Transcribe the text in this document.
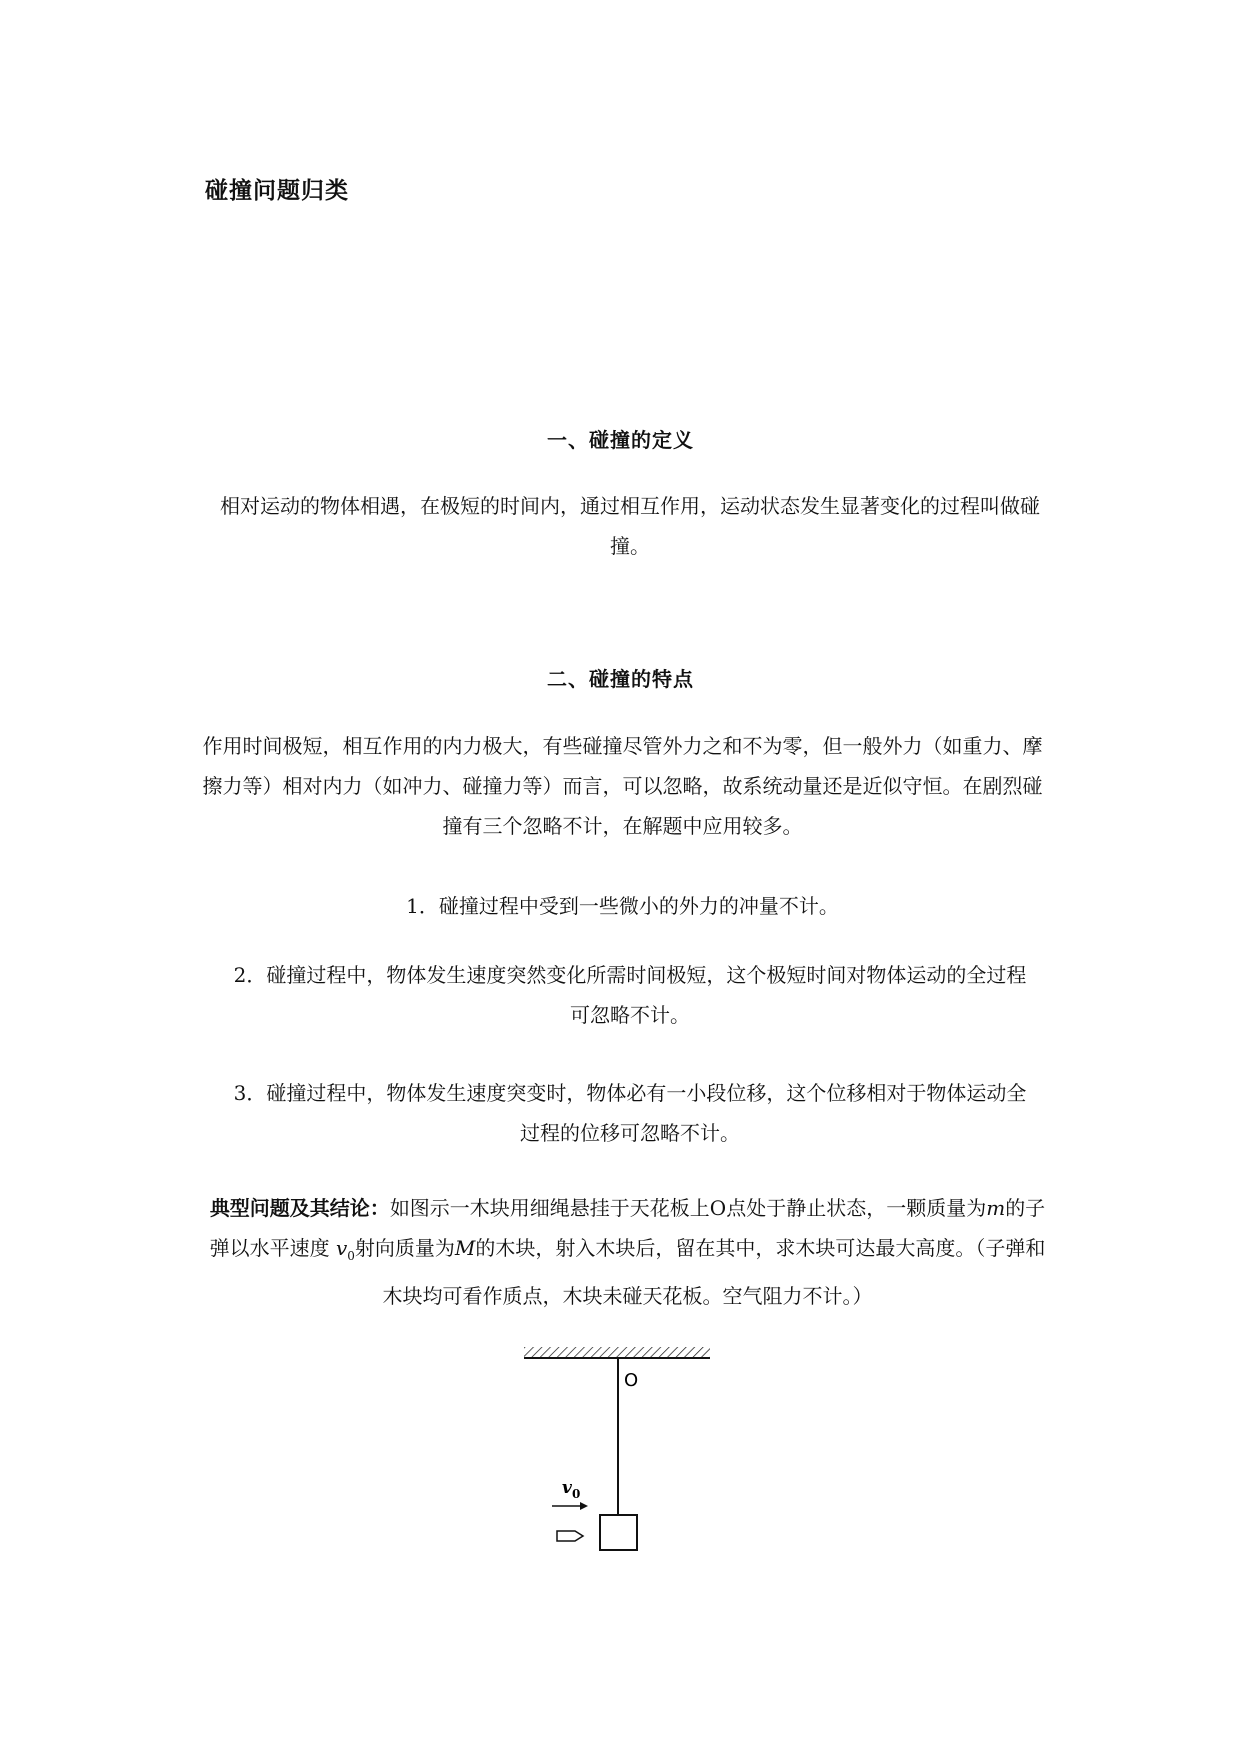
碰撞问题归类
一、碰撞的定义
相对运动的物体相遇，在极短的时间内，通过相互作用，运动状态发生显著变化的过程叫做碰撞。
二、碰撞的特点
作用时间极短，相互作用的内力极大，有些碰撞尽管外力之和不为零，但一般外力（如重力、摩擦力等）相对内力（如冲力、碰撞力等）而言，可以忽略，故系统动量还是近似守恒。在剧烈碰撞有三个忽略不计，在解题中应用较多。
1．碰撞过程中受到一些微小的外力的冲量不计。
2．碰撞过程中，物体发生速度突然变化所需时间极短，这个极短时间对物体运动的全过程可忽略不计。
3．碰撞过程中，物体发生速度突变时，物体必有一小段位移，这个位移相对于物体运动全过程的位移可忽略不计。
典型问题及其结论：如图示一木块用细绳悬挂于天花板上O点处于静止状态，一颗质量为m的子弹以水平速度 $v_0$射向质量为M的木块，射入木块后，留在其中，求木块可达最大高度。（子弹和木块均可看作质点，木块未碰天花板。空气阻力不计。）
O
v 0
